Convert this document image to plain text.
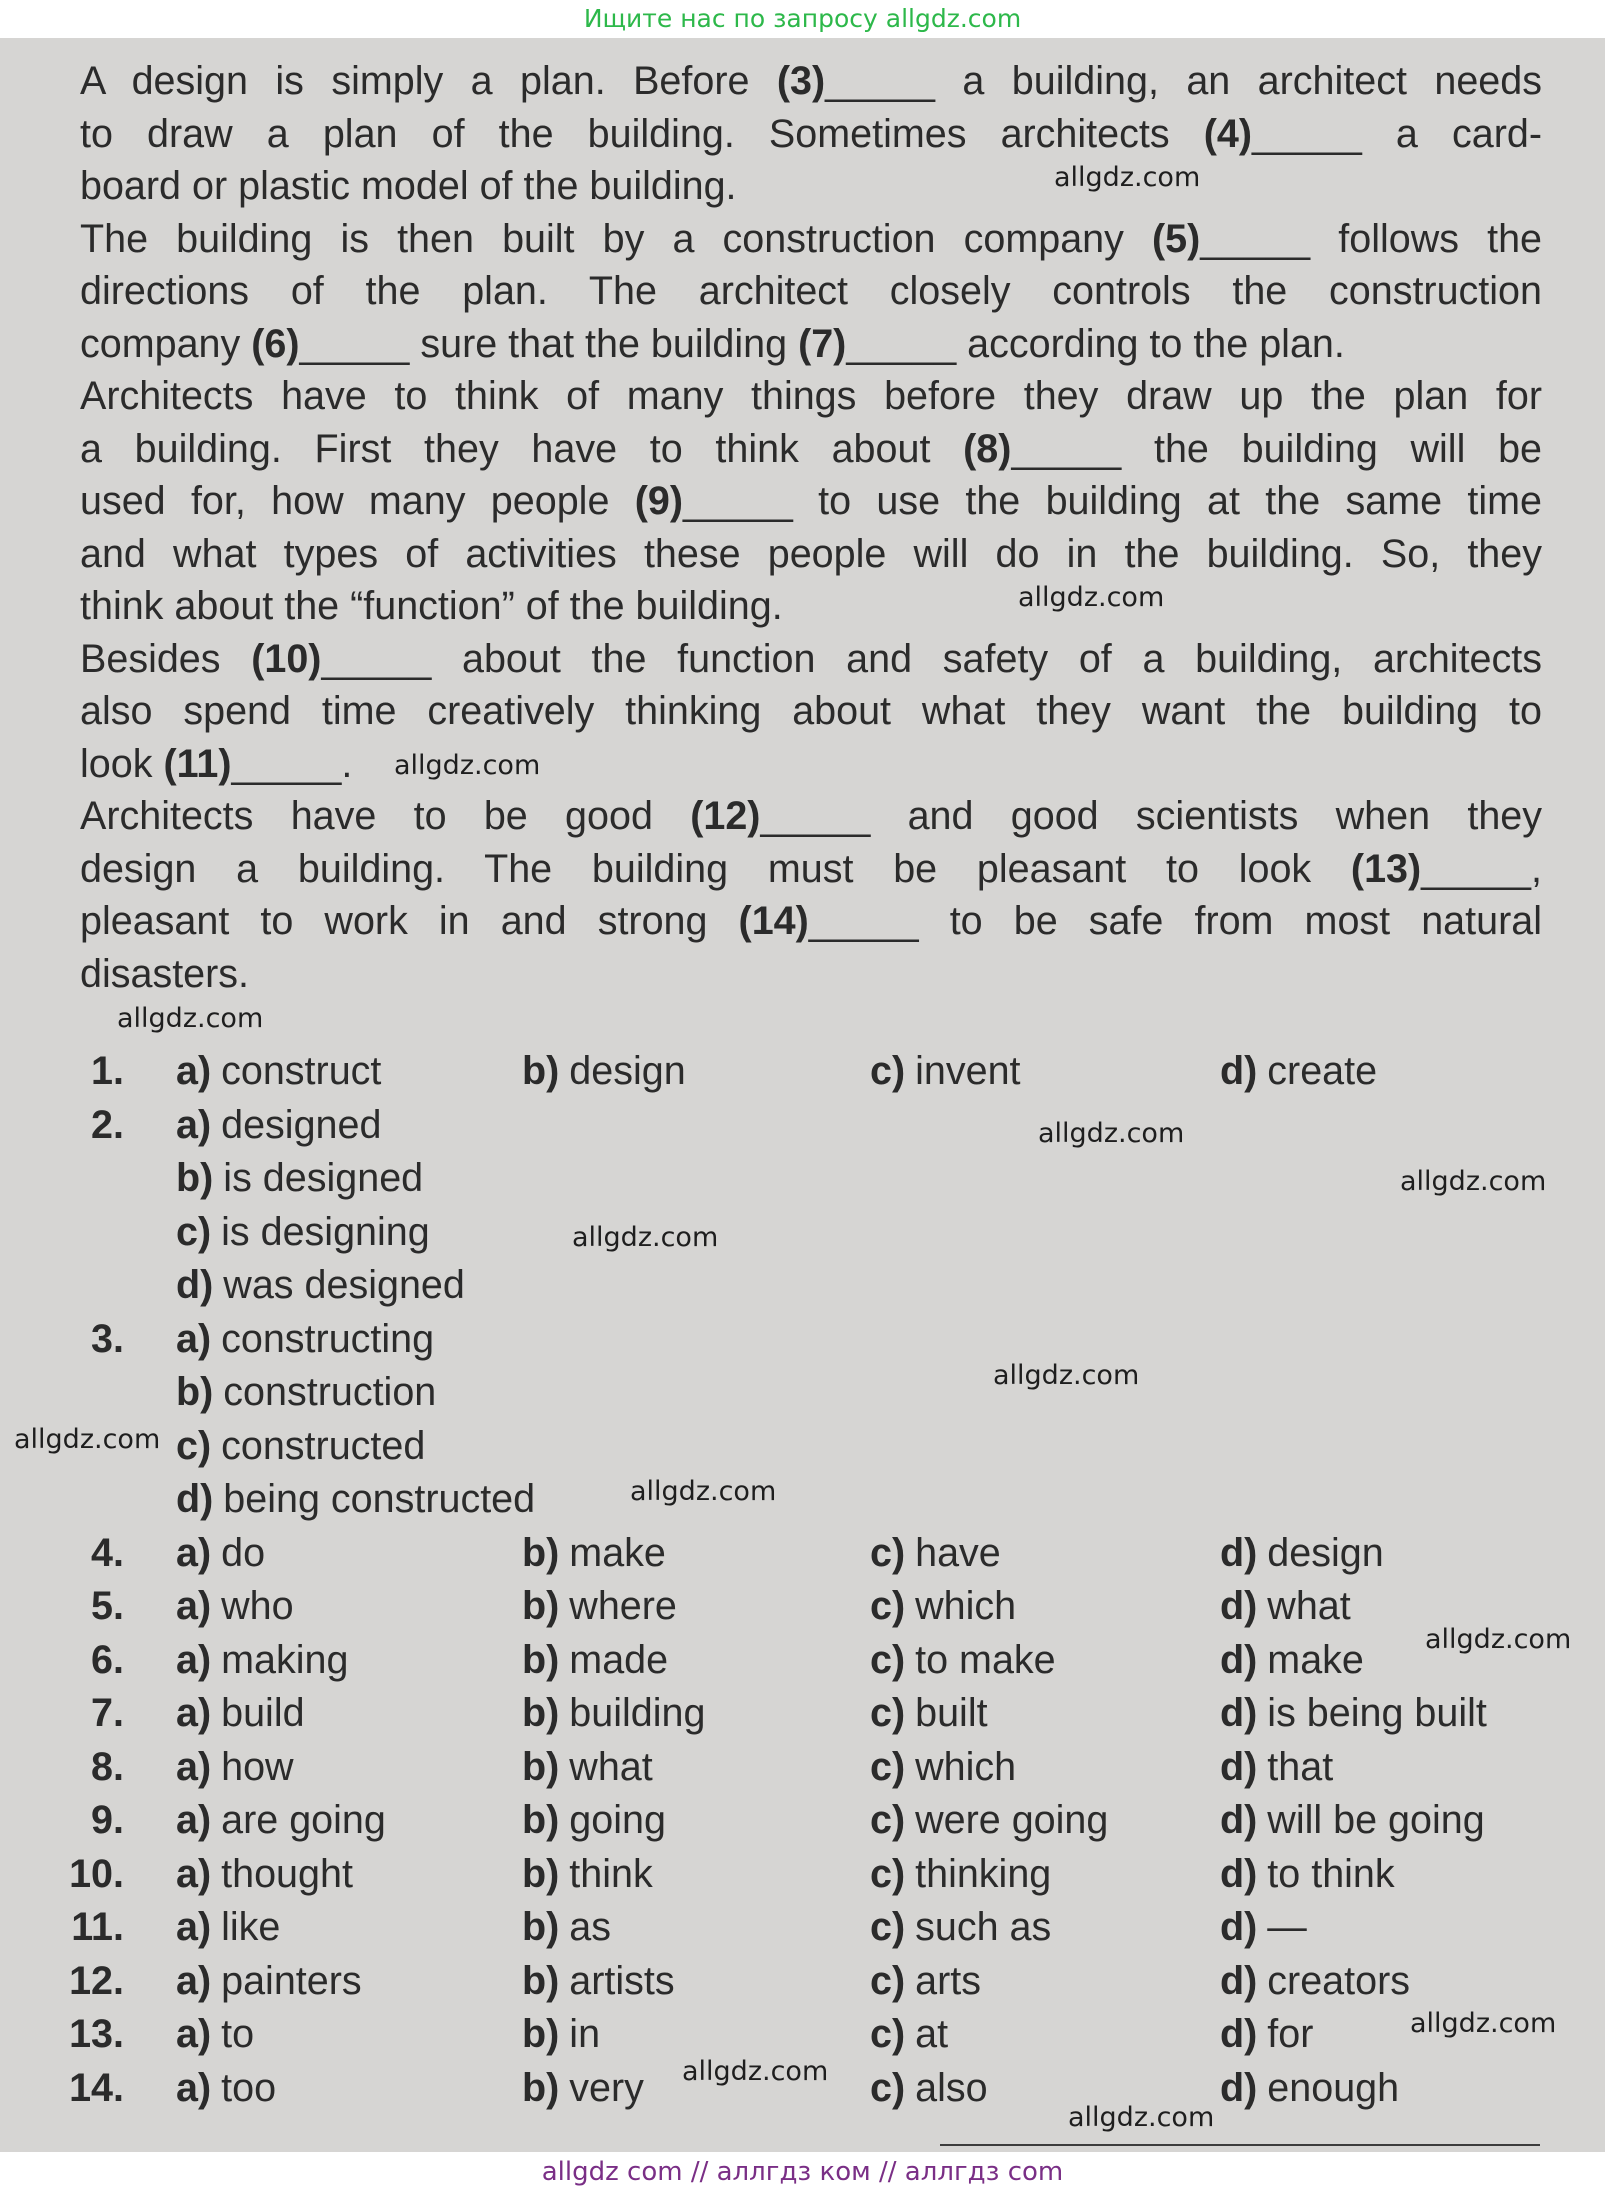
Ищите нас по запросу allgdz.com
A design is simply a plan. Before (3)_____ a building, an architect needs
to draw a plan of the building. Sometimes architects (4)_____ a card-
board or plastic model of the building.
The building is then built by a construction company (5)_____ follows the
directions of the plan. The architect closely controls the construction
company (6)_____ sure that the building (7)_____ according to the plan.
Architects have to think of many things before they draw up the plan for
a building. First they have to think about (8)_____ the building will be
used for, how many people (9)_____ to use the building at the same time
and what types of activities these people will do in the building. So, they
think about the “function” of the building.
Besides (10)_____ about the function and safety of a building, architects
also spend time creatively thinking about what they want the building to
look (11)_____.
Architects have to be good (12)_____ and good scientists when they
design a building. The building must be pleasant to look (13)_____,
pleasant to work in and strong (14)_____ to be safe from most natural
disasters.
1. a) construct	b) design	c) invent	d) create
2. a) designed
b) is designed
c) is designing
d) was designed
3. a) constructing
b) construction
c) constructed
d) being constructed
4. a) do	b) make	c) have	d) design
5. a) who	b) where	c) which	d) what
6. a) making	b) made	c) to make	d) make
7. a) build	b) building	c) built	d) is being built
8. a) how	b) what	c) which	d) that
9. a) are going	b) going	c) were going	d) will be going
10. a) thought	b) think	c) thinking	d) to think
11. a) like	b) as	c) such as	d) —
12. a) painters	b) artists	c) arts	d) creators
13. a) to	b) in	c) at	d) for
14. a) too	b) very	c) also	d) enough
allgdz.com
allgdz.com
allgdz.com
allgdz.com
allgdz.com
allgdz.com
allgdz.com
allgdz.com
allgdz.com
allgdz.com
allgdz.com
allgdz.com
allgdz.com
allgdz.com
allgdz com // аллгдз ком // аллгдз com
